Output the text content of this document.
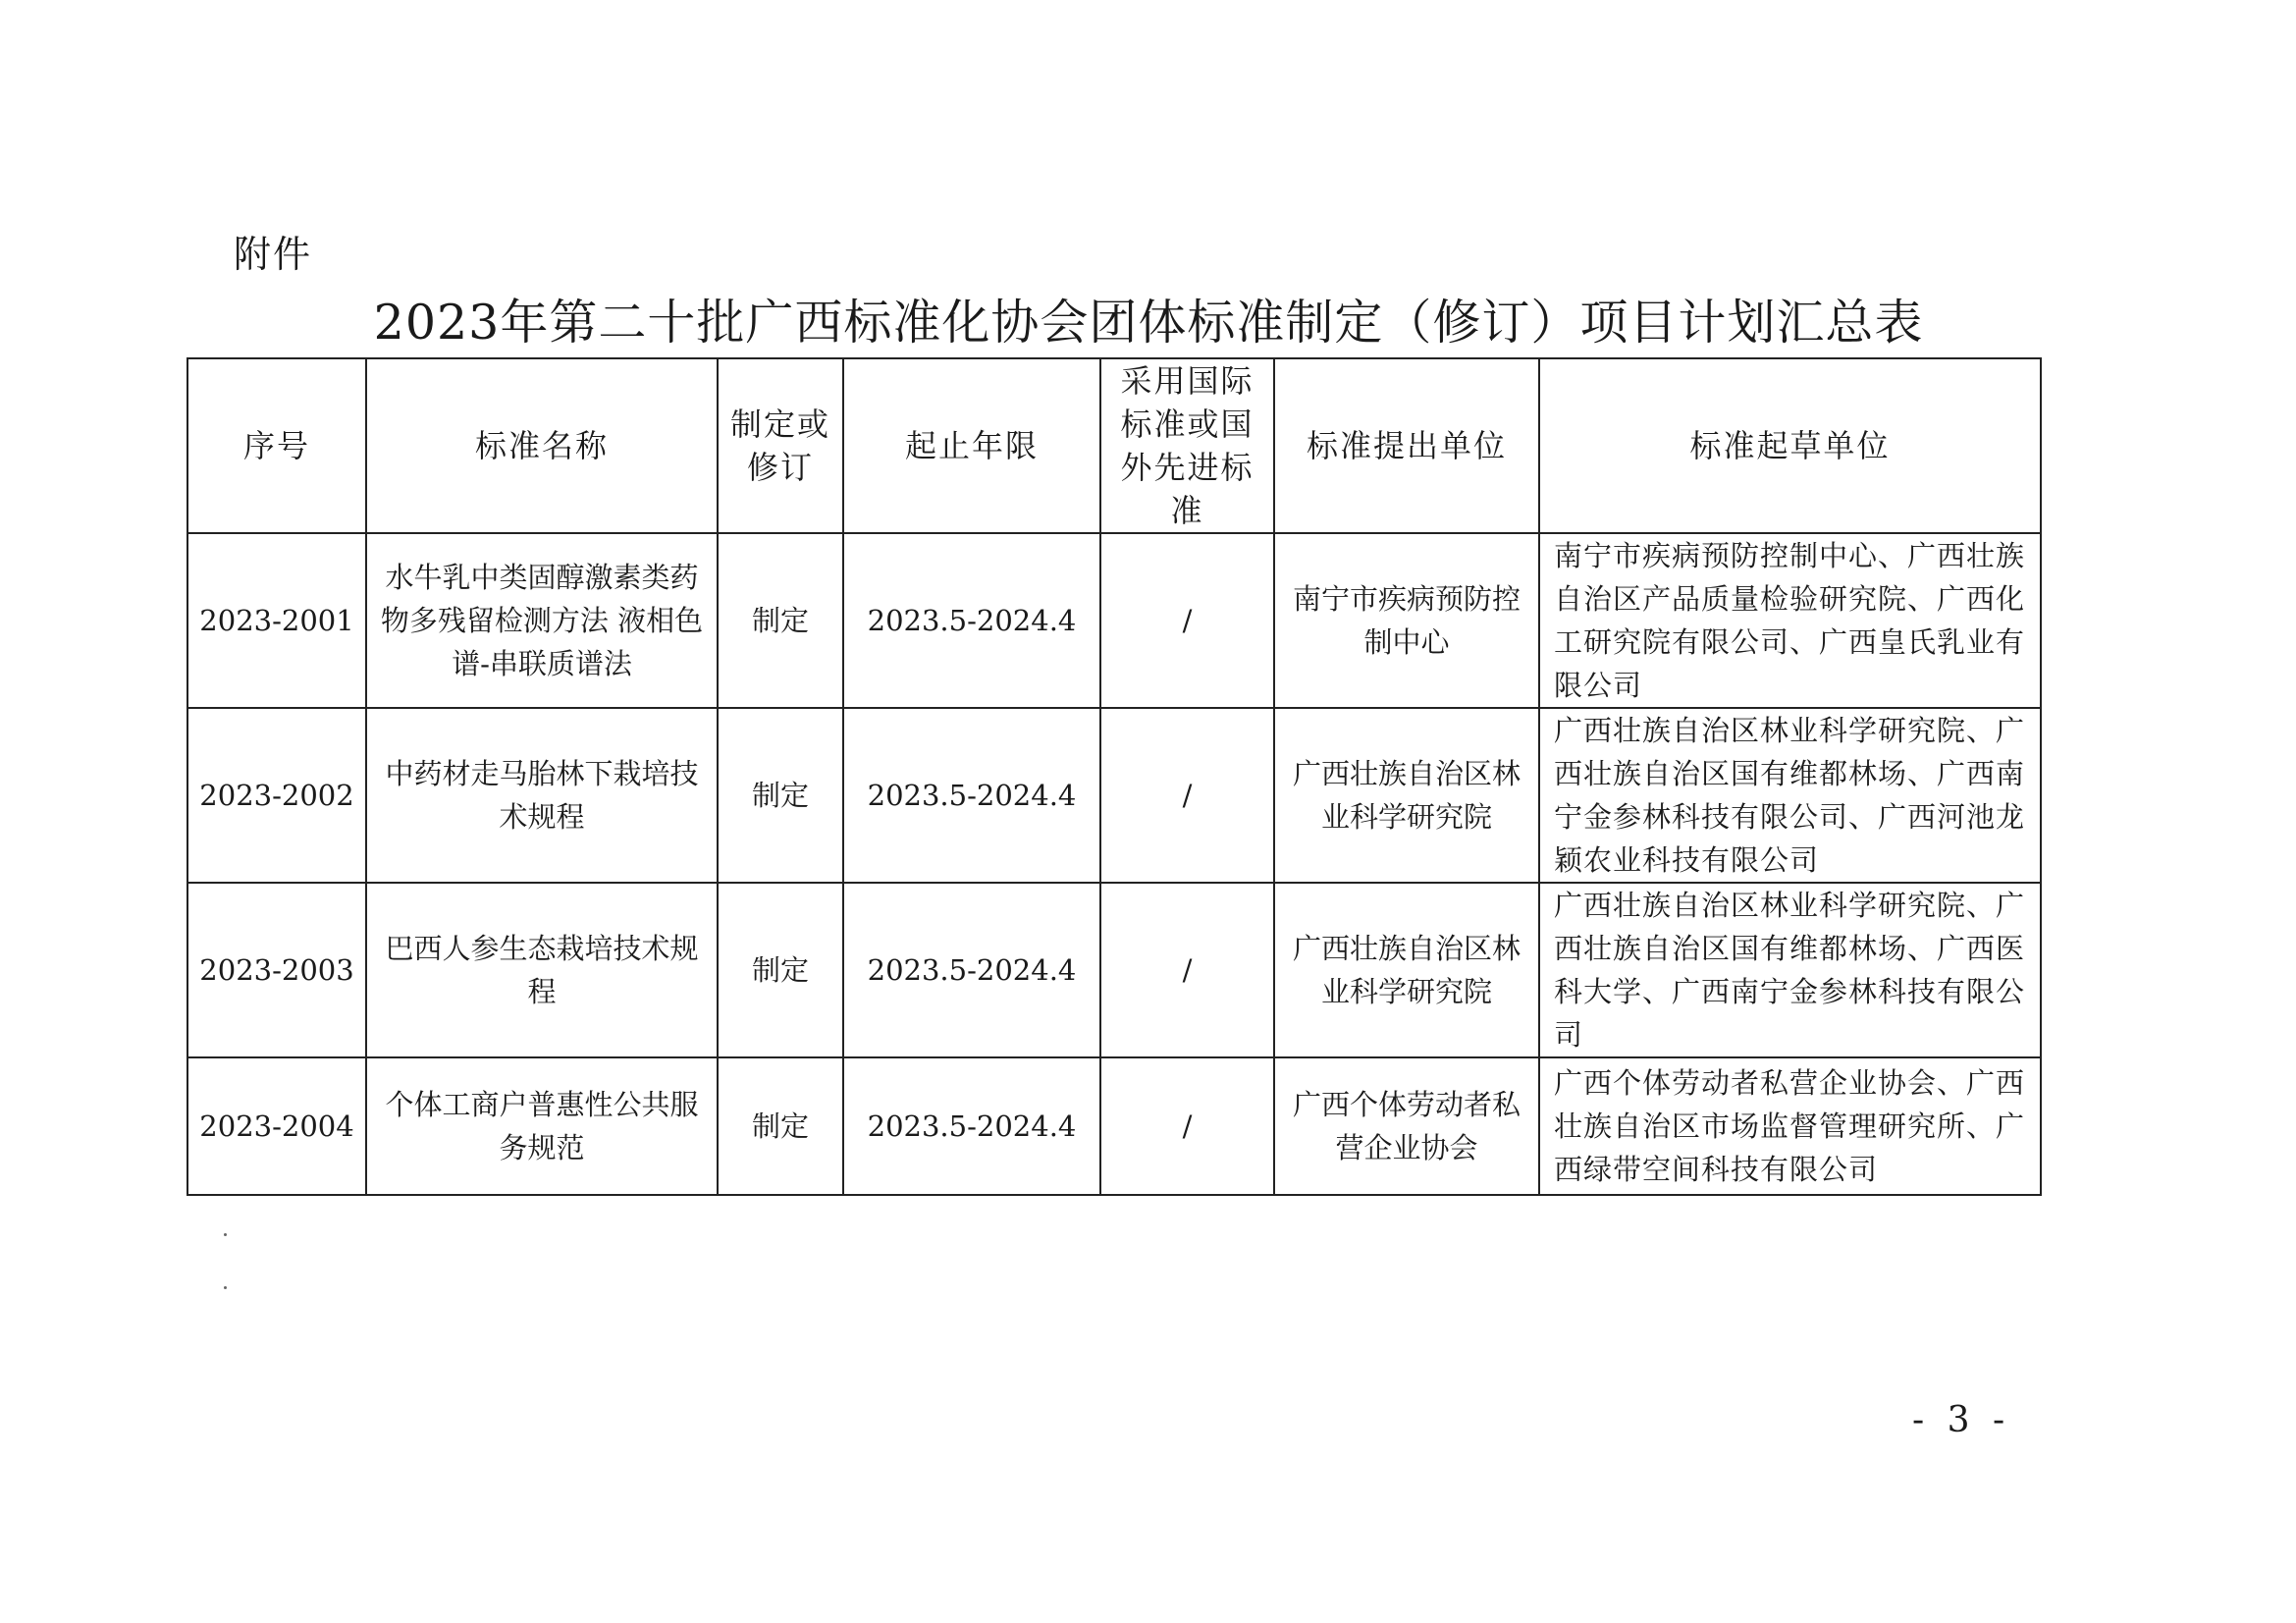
附件
2023年第二十批广西标准化协会团体标准制定（修订）项目计划汇总表
序号	标准名称	制定或修订	起止年限	采用国际标准或国外先进标准	标准提出单位	标准起草单位
2023-2001	水牛乳中类固醇激素类药物多残留检测方法 液相色谱-串联质谱法	制定	2023.5-2024.4	/	南宁市疾病预防控制中心	南宁市疾病预防控制中心、广西壮族自治区产品质量检验研究院、广西化工研究院有限公司、广西皇氏乳业有限公司
2023-2002	中药材走马胎林下栽培技术规程	制定	2023.5-2024.4	/	广西壮族自治区林业科学研究院	广西壮族自治区林业科学研究院、广西壮族自治区国有维都林场、广西南宁金参林科技有限公司、广西河池龙颖农业科技有限公司
2023-2003	巴西人参生态栽培技术规程	制定	2023.5-2024.4	/	广西壮族自治区林业科学研究院	广西壮族自治区林业科学研究院、广西壮族自治区国有维都林场、广西医科大学、广西南宁金参林科技有限公司
2023-2004	个体工商户普惠性公共服务规范	制定	2023.5-2024.4	/	广西个体劳动者私营企业协会	广西个体劳动者私营企业协会、广西壮族自治区市场监督管理研究所、广西绿带空间科技有限公司
- 3 -
